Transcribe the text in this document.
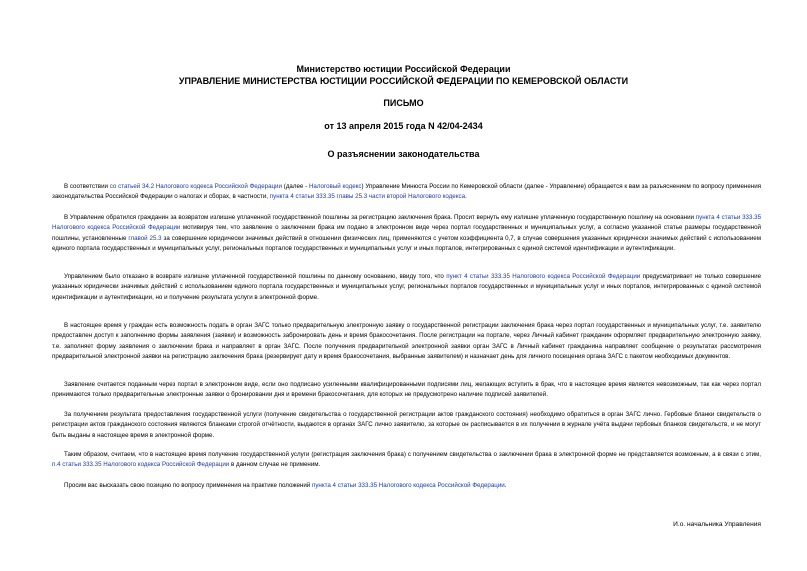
Министерство юстиции Российской Федерации
УПРАВЛЕНИЕ МИНИСТЕРСТВА ЮСТИЦИИ РОССИЙСКОЙ ФЕДЕРАЦИИ ПО КЕМЕРОВСКОЙ ОБЛАСТИ
ПИСЬМО
от 13 апреля 2015 года N 42/04-2434
О разъяснении законодательства

В соответствии со статьей 34.2 Налогового кодекса Российской Федерации (далее - Налоговый кодекс) Управление Минюста России по Кемеровской области (далее - Управление) обращается к вам за разъяснением по вопросу применения законодательства Российской Федерации о налогах и сборах, в частности, пункта 4 статьи 333.35 главы 25.3 части второй Налогового кодекса.

В Управление обратился гражданин за возвратом излишне уплаченной государственной пошлины за регистрацию заключения брака. Просит вернуть ему излишне уплаченную государственную пошлину на основании пункта 4 статьи 333.35 Налогового кодекса Российской Федерации мотивируя тем, что заявление о заключении брака им подано в электронном виде через портал государственных и муниципальных услуг, а согласно указанной статье размеры государственной пошлины, установленные главой 25.3 за совершение юридически значимых действий в отношении физических лиц, применяются с учетом коэффициента 0,7, в случае совершения указанных юридически значимых действий с использованием единого портала государственных и муниципальных услуг, региональных порталов государственных и муниципальных услуг и иных порталов, интегрированных с единой системой идентификации и аутентификации.

Управлением было отказано в возврате излишне уплаченной государственной пошлины по данному основанию, ввиду того, что пункт 4 статьи 333.35 Налогового кодекса Российской Федерации предусматривает не только совершение указанных юридически значимых действий с использованием единого портала государственных и муниципальных услуг, региональных порталов государственных и муниципальных услуг и иных порталов, интегрированных с единой системой идентификации и аутентификации, но и получение результата услуги в электронной форме.

В настоящее время у граждан есть возможность подать в орган ЗАГС только предварительную электронную заявку о государственной регистрации заключения брака через портал государственных и муниципальных услуг, т.е. заявителю предоставлен доступ к заполнению формы заявления (заявки) и возможность забронировать день и время бракосочетания. После регистрации на портале, через Личный кабинет гражданин оформляет предварительную электронную заявку, т.е. заполняет форму заявления о заключении брака и направляет в орган ЗАГС. После получения предварительной электронной заявки орган ЗАГС в Личный кабинет гражданина направляет сообщение о результатах рассмотрения предварительной электронной заявки на регистрацию заключения брака (резервирует дату и время бракосочетания, выбранные заявителем) и назначает день для личного посещения органа ЗАГС с пакетом необходимых документов.

Заявление считается поданным через портал в электронном виде, если оно подписано усиленными квалифицированными подписями лиц, желающих вступить в брак, что в настоящее время является невозможным, так как через портал принимаются только предварительные электронные заявки о бронировании дня и времени бракосочетания, для которых не предусмотрено наличие подписей заявителей.

За получением результата предоставления государственной услуги (получение свидетельства о государственной регистрации актов гражданского состояния) необходимо обратиться в орган ЗАГС лично. Гербовые бланки свидетельств о регистрации актов гражданского состояния являются бланками строгой отчётности, выдаются в органах ЗАГС лично заявителю, за которые он расписывается в их получении в журнале учёта выдачи гербовых бланков свидетельств, и не могут быть выданы в настоящее время в электронной форме.

Таким образом, считаем, что в настоящее время получение государственной услуги (регистрация заключения брака) с получением свидетельства о заключении брака в электронной форме не представляется возможным, а в связи с этим, п.4 статьи 333.35 Налогового кодекса Российской Федерации в данном случае не применим.

Просим вас высказать свою позицию по вопросу применения на практике положений пункта 4 статьи 333.35 Налогового кодекса Российской Федерации.

И.о. начальника Управления
